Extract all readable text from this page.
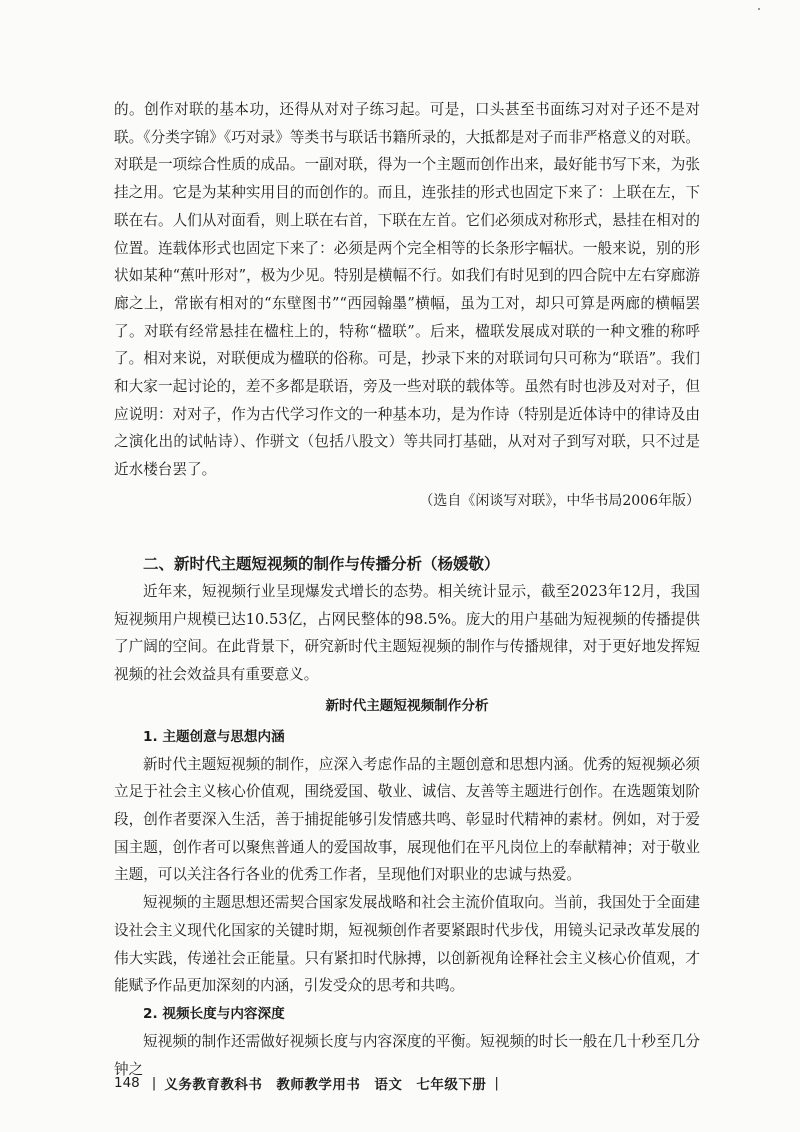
的。创作对联的基本功，还得从对对子练习起。可是，口头甚至书面练习对对子还不是对联。《分类字锦》《巧对录》等类书与联话书籍所录的，大抵都是对子而非严格意义的对联。对联是一项综合性质的成品。一副对联，得为一个主题而创作出来，最好能书写下来，为张挂之用。它是为某种实用目的而创作的。而且，连张挂的形式也固定下来了：上联在左，下联在右。人们从对面看，则上联在右首，下联在左首。它们必须成对称形式，悬挂在相对的位置。连载体形式也固定下来了：必须是两个完全相等的长条形字幅状。一般来说，别的形状如某种“蕉叶形对”，极为少见。特别是横幅不行。如我们有时见到的四合院中左右穿廊游廊之上，常嵌有相对的“东壁图书”“西园翰墨”横幅，虽为工对，却只可算是两廊的横幅罢了。对联有经常悬挂在楹柱上的，特称“楹联”。后来，楹联发展成对联的一种文雅的称呼了。相对来说，对联便成为楹联的俗称。可是，抄录下来的对联词句只可称为“联语”。我们和大家一起讨论的，差不多都是联语，旁及一些对联的载体等。虽然有时也涉及对对子，但应说明：对对子，作为古代学习作文的一种基本功，是为作诗（特别是近体诗中的律诗及由之演化出的试帖诗）、作骈文（包括八股文）等共同打基础，从对对子到写对联，只不过是近水楼台罢了。

（选自《闲谈写对联》，中华书局2006年版）

二、新时代主题短视频的制作与传播分析（杨媛敬）

近年来，短视频行业呈现爆发式增长的态势。相关统计显示，截至2023年12月，我国短视频用户规模已达10.53亿，占网民整体的98.5%。庞大的用户基础为短视频的传播提供了广阔的空间。在此背景下，研究新时代主题短视频的制作与传播规律，对于更好地发挥短视频的社会效益具有重要意义。

新时代主题短视频制作分析
1. 主题创意与思想内涵

新时代主题短视频的制作，应深入考虑作品的主题创意和思想内涵。优秀的短视频必须立足于社会主义核心价值观，围绕爱国、敬业、诚信、友善等主题进行创作。在选题策划阶段，创作者要深入生活，善于捕捉能够引发情感共鸣、彰显时代精神的素材。例如，对于爱国主题，创作者可以聚焦普通人的爱国故事，展现他们在平凡岗位上的奉献精神；对于敬业主题，可以关注各行各业的优秀工作者，呈现他们对职业的忠诚与热爱。

短视频的主题思想还需契合国家发展战略和社会主流价值取向。当前，我国处于全面建设社会主义现代化国家的关键时期，短视频创作者要紧跟时代步伐，用镜头记录改革发展的伟大实践，传递社会正能量。只有紧扣时代脉搏，以创新视角诠释社会主义核心价值观，才能赋予作品更加深刻的内涵，引发受众的思考和共鸣。

2. 视频长度与内容深度

短视频的制作还需做好视频长度与内容深度的平衡。短视频的时长一般在几十秒至几分钟之

148 | 义务教育教科书　教师教学用书　语文　七年级下册 |
